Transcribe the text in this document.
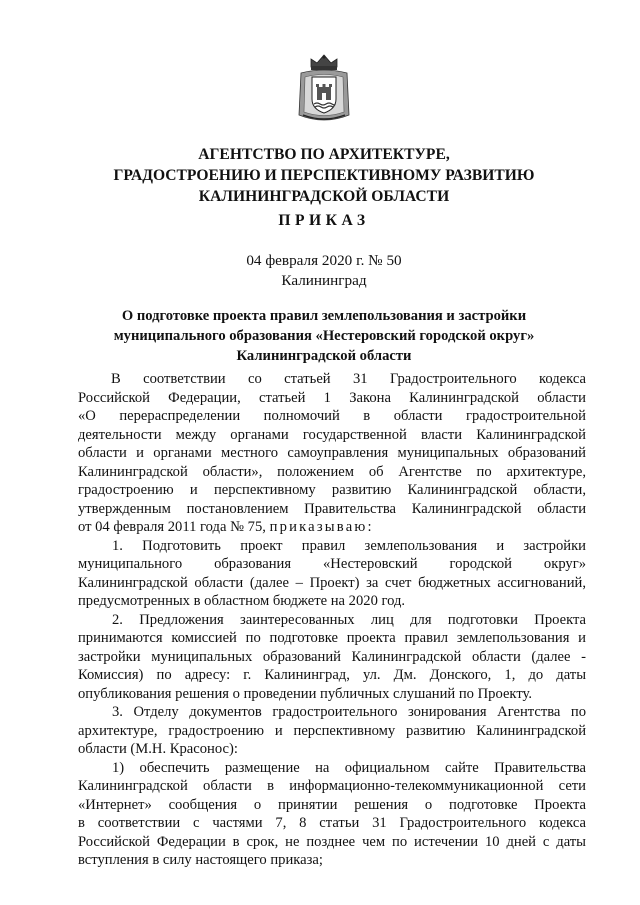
АГЕНТСТВО ПО АРХИТЕКТУРЕ,
ГРАДОСТРОЕНИЮ И ПЕРСПЕКТИВНОМУ РАЗВИТИЮ
КАЛИНИНГРАДСКОЙ ОБЛАСТИ
ПРИКАЗ
04 февраля 2020 г. № 50
Калининград
О подготовке проекта правил землепользования и застройки
муниципального образования «Нестеровский городской округ»
Калининградской области
В соответствии со статьей 31 Градостроительного кодекса
Российской Федерации, статьей 1 Закона Калининградской области
«О перераспределении полномочий в области градостроительной
деятельности между органами государственной власти Калининградской
области и органами местного самоуправления муниципальных образований
Калининградской области», положением об Агентстве по архитектуре,
градостроению и перспективному развитию Калининградской области,
утвержденным постановлением Правительства Калининградской области
от 04 февраля 2011 года № 75, приказываю:
1. Подготовить проект правил землепользования и застройки
муниципального образования «Нестеровский городской округ»
Калининградской области (далее – Проект) за счет бюджетных ассигнований,
предусмотренных в областном бюджете на 2020 год.
2. Предложения заинтересованных лиц для подготовки Проекта
принимаются комиссией по подготовке проекта правил землепользования и
застройки муниципальных образований Калининградской области (далее -
Комиссия) по адресу: г. Калининград, ул. Дм. Донского, 1, до даты
опубликования решения о проведении публичных слушаний по Проекту.
3. Отделу документов градостроительного зонирования Агентства по
архитектуре, градостроению и перспективному развитию Калининградской
области (М.Н. Красонос):
1) обеспечить размещение на официальном сайте Правительства
Калининградской области в информационно-телекоммуникационной сети
«Интернет» сообщения о принятии решения о подготовке Проекта
в соответствии с частями 7, 8 статьи 31 Градостроительного кодекса
Российской Федерации в срок, не позднее чем по истечении 10 дней с даты
вступления в силу настоящего приказа;
